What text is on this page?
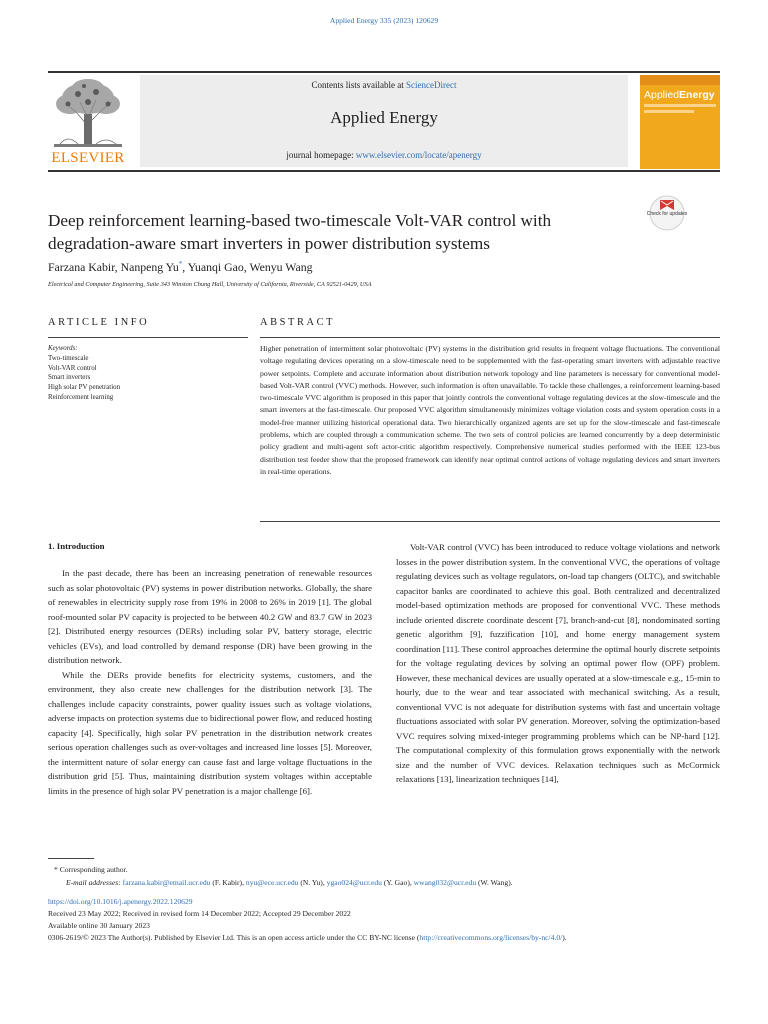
Applied Energy 335 (2023) 120629
Contents lists available at ScienceDirect
Applied Energy
journal homepage: www.elsevier.com/locate/apenergy
ELSEVIER
AppliedEnergy
Deep reinforcement learning-based two-timescale Volt-VAR control with degradation-aware smart inverters in power distribution systems
Check for updates
Farzana Kabir, Nanpeng Yu*, Yuanqi Gao, Wenyu Wang
Electrical and Computer Engineering, Suite 343 Winston Chung Hall, University of California, Riverside, CA 92521-0429, USA
ARTICLE INFO
Keywords:
Two-timescale
Volt-VAR control
Smart inverters
High solar PV penetration
Reinforcement learning
ABSTRACT
Higher penetration of intermittent solar photovoltaic (PV) systems in the distribution grid results in frequent voltage fluctuations. The conventional voltage regulating devices operating on a slow-timescale need to be supplemented with the fast-operating smart inverters with adjustable reactive power setpoints. Complete and accurate information about distribution network topology and line parameters is necessary for conventional model-based Volt-VAR control (VVC) methods. However, such information is often unavailable. To tackle these challenges, a reinforcement learning-based two-timescale VVC algorithm is proposed in this paper that jointly controls the conventional voltage regulating devices at the slow-timescale and the smart inverters at the fast-timescale. Our proposed VVC algorithm simultaneously minimizes voltage violation costs and system operation costs in a model-free manner utilizing historical operational data. Two hierarchically organized agents are set up for the slow-timescale and fast-timescale problems, which are coupled through a communication scheme. The two sets of control policies are learned concurrently by a deep deterministic policy gradient and multi-agent soft actor-critic algorithm respectively. Comprehensive numerical studies performed with the IEEE 123-bus distribution test feeder show that the proposed framework can identify near optimal control actions of voltage regulating devices and smart inverters in real-time operations.
1. Introduction

In the past decade, there has been an increasing penetration of renewable resources such as solar photovoltaic (PV) systems in power distribution networks. Globally, the share of renewables in electricity supply rose from 19% in 2008 to 26% in 2019 [1]. The global roof-mounted solar PV capacity is projected to be between 40.2 GW and 83.7 GW in 2023 [2]. Distributed energy resources (DERs) including solar PV, battery storage, electric vehicles (EVs), and load controlled by demand response (DR) have been growing in the distribution network.

While the DERs provide benefits for electricity systems, customers, and the environment, they also create new challenges for the distribution network [3]. The challenges include capacity constraints, power quality issues such as voltage violations, adverse impacts on protection systems due to bidirectional power flow, and reduced hosting capacity [4]. Specifically, high solar PV penetration in the distribution network creates serious operation challenges such as over-voltages and increased line losses [5]. Moreover, the intermittent nature of solar energy can cause fast and large voltage fluctuations in the distribution grid [5]. Thus, maintaining distribution system voltages within acceptable limits in the presence of high solar PV penetration is a major challenge [6].

Volt-VAR control (VVC) has been introduced to reduce voltage violations and network losses in the power distribution system. In the conventional VVC, the operations of voltage regulating devices such as voltage regulators, on-load tap changers (OLTC), and switchable capacitor banks are coordinated to achieve this goal. Both centralized and decentralized model-based optimization methods are proposed for conventional VVC. These methods include oriented discrete coordinate descent [7], branch-and-cut [8], nondominated sorting genetic algorithm [9], fuzzification [10], and home energy management system coordination [11]. These control approaches determine the optimal hourly discrete setpoints for the voltage regulating devices by solving an optimal power flow (OPF) problem. However, these mechanical devices are usually operated at a slow-timescale e.g., 15-min to hourly, due to the wear and tear associated with mechanical switching. As a result, conventional VVC is not adequate for distribution systems with fast and uncertain voltage fluctuations associated with solar PV generation. Moreover, solving the optimization-based VVC requires solving mixed-integer programming problems which can be NP-hard [12]. The computational complexity of this formulation grows exponentially with the network size and the number of VVC devices. Relaxation techniques such as McCormick relaxations [13], linearization techniques [14],

* Corresponding author.
E-mail addresses: farzana.kabir@email.ucr.edu (F. Kabir), nyu@ece.ucr.edu (N. Yu), ygao024@ucr.edu (Y. Gao), wwang032@ucr.edu (W. Wang).
https://doi.org/10.1016/j.apenergy.2022.120629
Received 23 May 2022; Received in revised form 14 December 2022; Accepted 29 December 2022
Available online 30 January 2023
0306-2619/© 2023 The Author(s). Published by Elsevier Ltd. This is an open access article under the CC BY-NC license (http://creativecommons.org/licenses/by-nc/4.0/).
